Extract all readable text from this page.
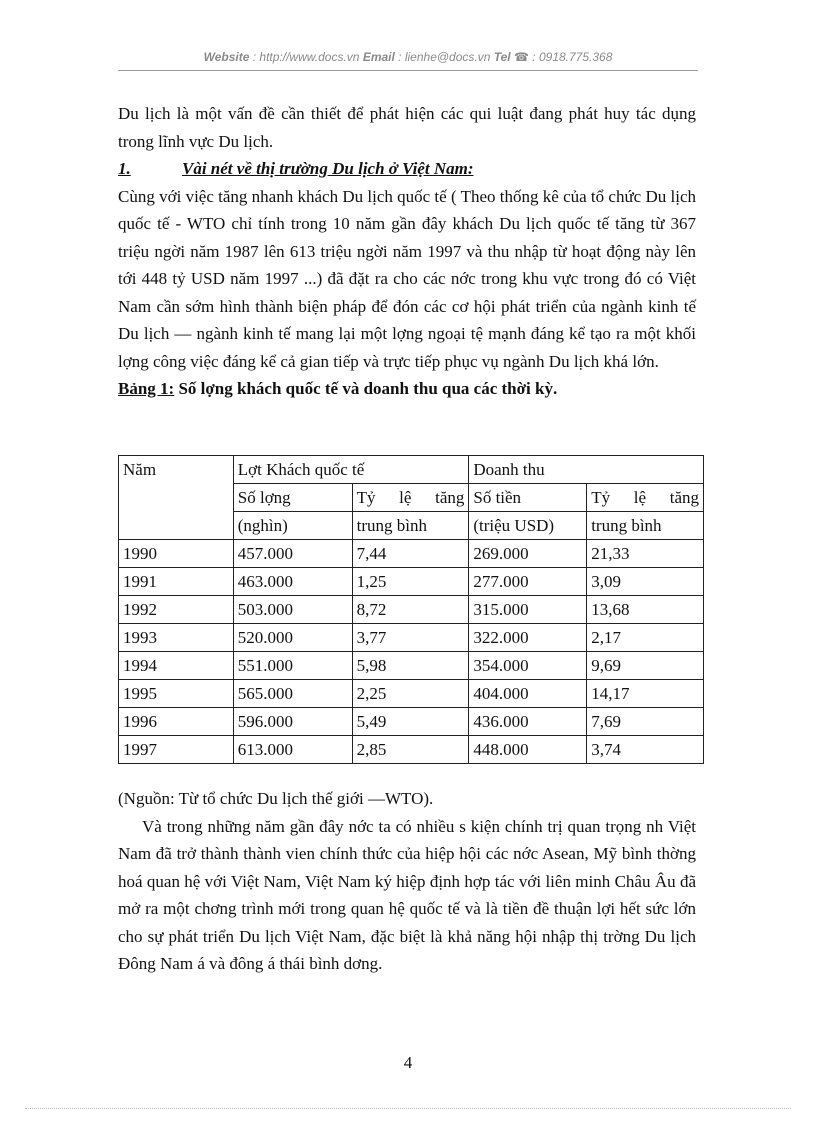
Website : http://www.docs.vn Email : lienhe@docs.vn Tel ☎ : 0918.775.368

Du lịch là một vấn đề cần thiết để phát hiện các qui luật đang phát huy tác dụng trong lĩnh vực Du lịch.

1.	Vài nét về thị trường Du lịch ở Việt Nam:

Cùng với việc tăng nhanh khách Du lịch quốc tế ( Theo thống kê của tổ chức Du lịch quốc tế - WTO chỉ tính trong 10 năm gần đây khách Du lịch quốc tế tăng từ 367 triệu ngời năm 1987 lên 613 triệu ngời năm 1997 và thu nhập từ hoạt động này lên tới 448 tỷ USD năm 1997 ...) đã đặt ra cho các nớc trong khu vực trong đó có Việt Nam cần sớm hình thành biện pháp để đón các cơ hội phát triển của ngành kinh tế Du lịch — ngành kinh tế mang lại một lợng ngoại tệ mạnh đáng kể tạo ra một khối lợng công việc đáng kể cả gian tiếp và trực tiếp phục vụ ngành Du lịch khá lớn.

Bảng 1: Số lợng khách quốc tế và doanh thu qua các thời kỳ.

Năm	Lợt Khách quốc tế		Doanh thu	
	Số lợng	Tỷ lệ tăng	Số tiền	Tỷ lệ tăng
	(nghìn)	trung bình	(triệu USD)	trung bình
1990	457.000	7,44	269.000	21,33
1991	463.000	1,25	277.000	3,09
1992	503.000	8,72	315.000	13,68
1993	520.000	3,77	322.000	2,17
1994	551.000	5,98	354.000	9,69
1995	565.000	2,25	404.000	14,17
1996	596.000	5,49	436.000	7,69
1997	613.000	2,85	448.000	3,74

(Nguồn: Từ tổ chức Du lịch thế giới —WTO).

Và trong những năm gần đây nớc ta có nhiều s kiện chính trị quan trọng nh Việt Nam đã trở thành thành vien chính thức của hiệp hội các nớc Asean, Mỹ bình thờng hoá quan hệ với Việt Nam, Việt Nam ký hiệp định hợp tác với liên minh Châu Âu đã mở ra một chơng trình mới trong quan hệ quốc tế và là tiền đề thuận lợi hết sức lớn cho sự phát triển Du lịch Việt Nam, đặc biệt là khả năng hội nhập thị trờng Du lịch Đông Nam á và đông á thái bình dơng.

4
